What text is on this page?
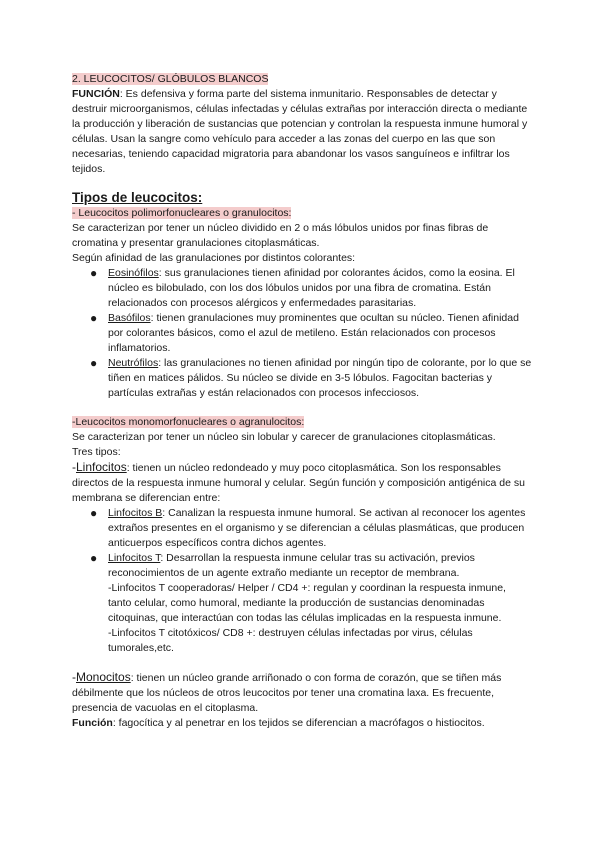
2. LEUCOCITOS/ GLÓBULOS BLANCOS

FUNCIÓN: Es defensiva y forma parte del sistema inmunitario. Responsables de detectar y destruir microorganismos, células infectadas y células extrañas por interacción directa o mediante la producción y liberación de sustancias que potencian y controlan la respuesta inmune humoral y células. Usan la sangre como vehículo para acceder a las zonas del cuerpo en las que son necesarias, teniendo capacidad migratoria para abandonar los vasos sanguíneos e infiltrar los tejidos.

Tipos de leucocitos:

- Leucocitos polimorfonucleares o granulocitos:

Se caracterizan por tener un núcleo dividido en 2 o más lóbulos unidos por finas fibras de cromatina y presentar granulaciones citoplasmáticas.

Según afinidad de las granulaciones por distintos colorantes:

● Eosinófilos: sus granulaciones tienen afinidad por colorantes ácidos, como la eosina. El núcleo es bilobulado, con los dos lóbulos unidos por una fibra de cromatina. Están relacionados con procesos alérgicos y enfermedades parasitarias.
● Basófilos: tienen granulaciones muy prominentes que ocultan su núcleo. Tienen afinidad por colorantes básicos, como el azul de metileno. Están relacionados con procesos inflamatorios.
● Neutrófilos: las granulaciones no tienen afinidad por ningún tipo de colorante, por lo que se tiñen en matices pálidos. Su núcleo se divide en 3-5 lóbulos. Fagocitan bacterias y partículas extrañas y están relacionados con procesos infecciosos.

-Leucocitos monomorfonucleares o agranulocitos:

Se caracterizan por tener un núcleo sin lobular y carecer de granulaciones citoplasmáticas.

Tres tipos:

-Linfocitos: tienen un núcleo redondeado y muy poco citoplasmática. Son los responsables directos de la respuesta inmune humoral y celular. Según función y composición antigénica de su membrana se diferencian entre:

● Linfocitos B: Canalizan la respuesta inmune humoral. Se activan al reconocer los agentes extraños presentes en el organismo y se diferencian a células plasmáticas, que producen anticuerpos específicos contra dichos agentes.
● Linfocitos T: Desarrollan la respuesta inmune celular tras su activación, previos reconocimientos de un agente extraño mediante un receptor de membrana.
-Linfocitos T cooperadoras/ Helper / CD4 +: regulan y coordinan la respuesta inmune, tanto celular, como humoral, mediante la producción de sustancias denominadas citoquinas, que interactúan con todas las células implicadas en la respuesta inmune.
-Linfocitos T citotóxicos/ CD8 +: destruyen células infectadas por virus, células tumorales,etc.

-Monocitos: tienen un núcleo grande arriñonado o con forma de corazón, que se tiñen más débilmente que los núcleos de otros leucocitos por tener una cromatina laxa. Es frecuente, presencia de vacuolas en el citoplasma.

Función: fagocítica y al penetrar en los tejidos se diferencian a macrófagos o histiocitos.
